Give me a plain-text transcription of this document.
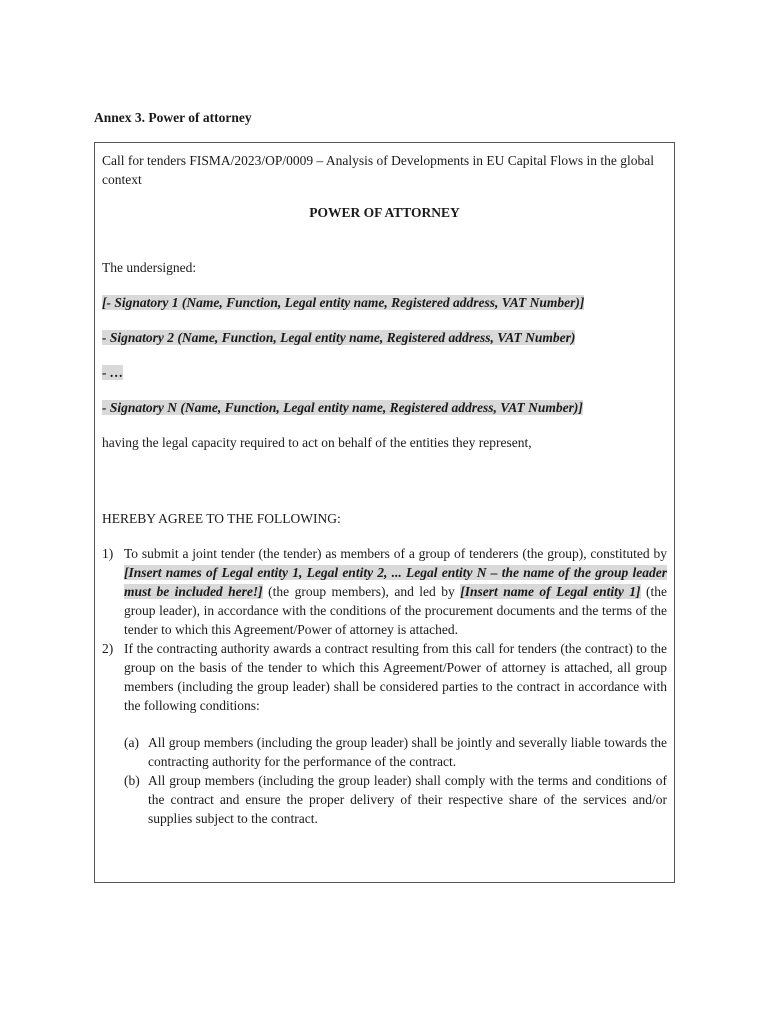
Annex 3. Power of attorney

Call for tenders FISMA/2023/OP/0009 – Analysis of Developments in EU Capital Flows in the global context

POWER OF ATTORNEY

The undersigned:

[- Signatory 1 (Name, Function, Legal entity name, Registered address, VAT Number)]

- Signatory 2 (Name, Function, Legal entity name, Registered address, VAT Number)

- …

- Signatory N (Name, Function, Legal entity name, Registered address, VAT Number)]

having the legal capacity required to act on behalf of the entities they represent,

HEREBY AGREE TO THE FOLLOWING:

1) To submit a joint tender (the tender) as members of a group of tenderers (the group), constituted by [Insert names of Legal entity 1, Legal entity 2, ... Legal entity N – the name of the group leader must be included here!] (the group members), and led by [Insert name of Legal entity 1] (the group leader), in accordance with the conditions of the procurement documents and the terms of the tender to which this Agreement/Power of attorney is attached.
2) If the contracting authority awards a contract resulting from this call for tenders (the contract) to the group on the basis of the tender to which this Agreement/Power of attorney is attached, all group members (including the group leader) shall be considered parties to the contract in accordance with the following conditions:
(a) All group members (including the group leader) shall be jointly and severally liable towards the contracting authority for the performance of the contract.
(b) All group members (including the group leader) shall comply with the terms and conditions of the contract and ensure the proper delivery of their respective share of the services and/or supplies subject to the contract.
